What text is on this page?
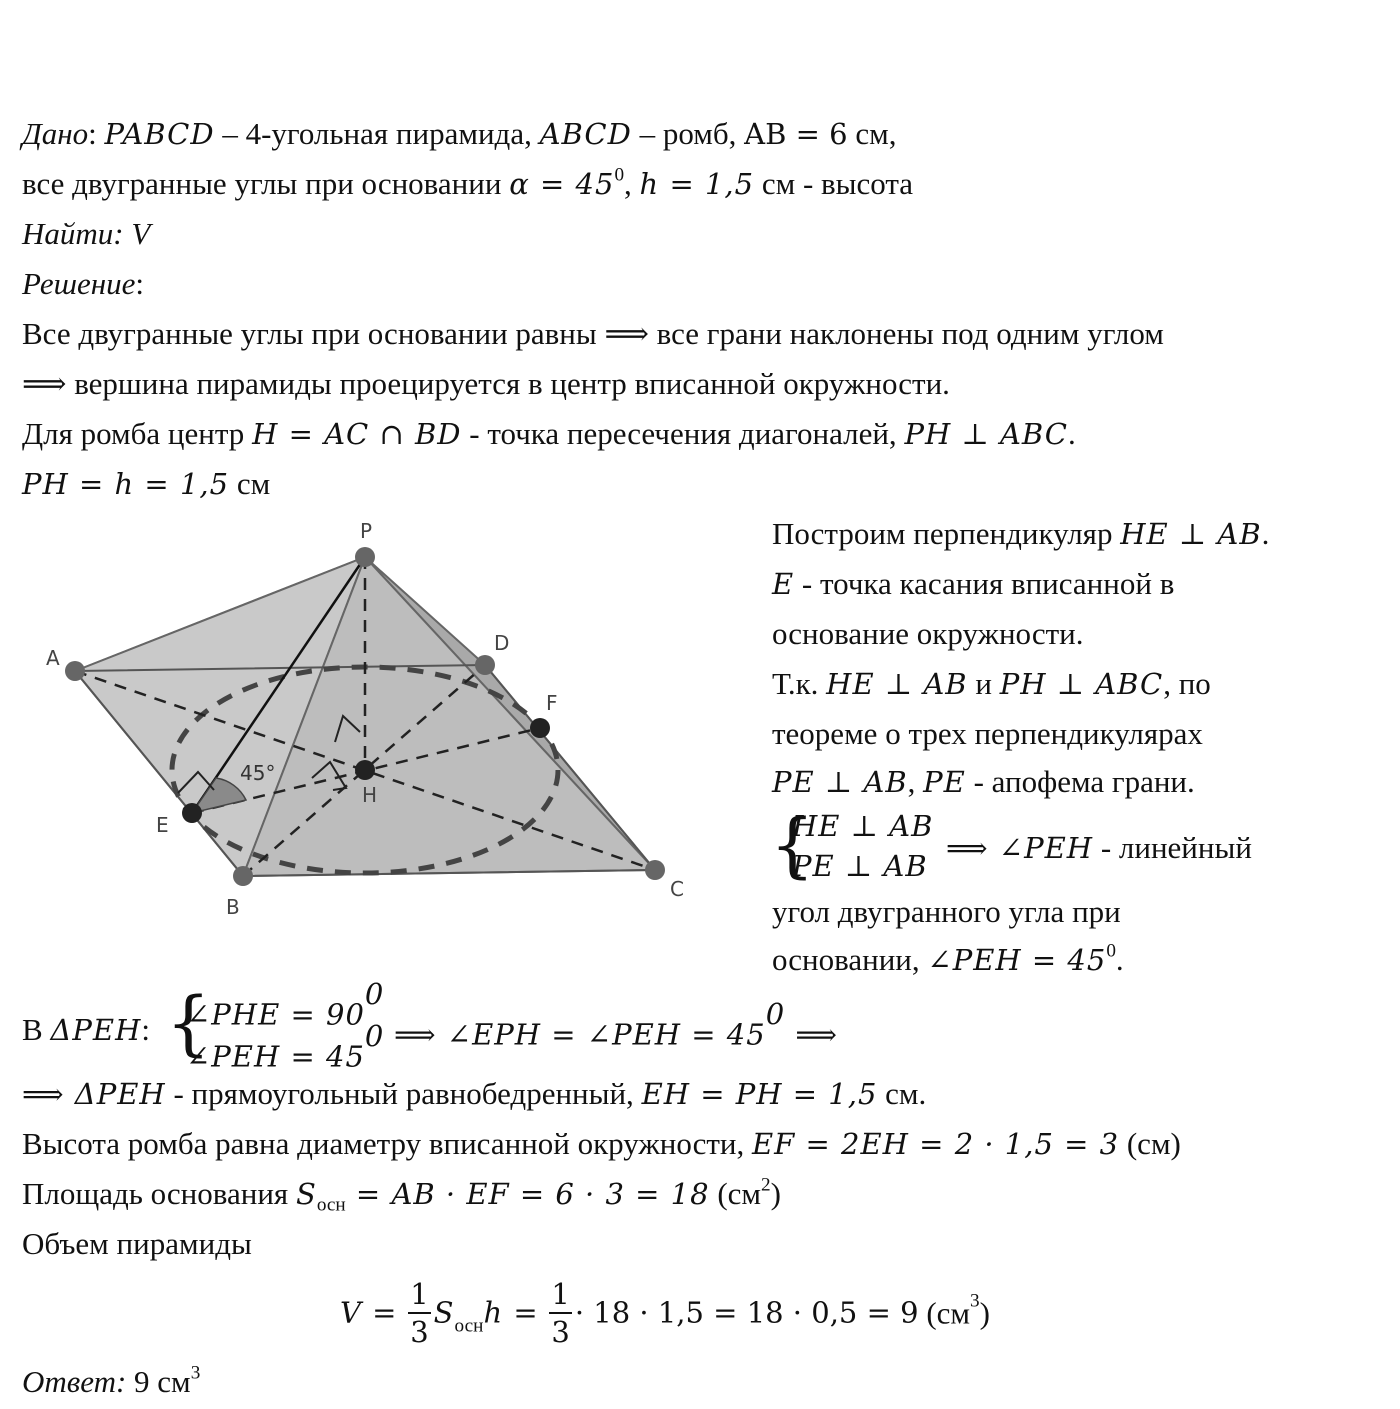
Дано: PABCD – 4-угольная пирамида, ABCD – ромб, AB = 6 см,
все двугранные углы при основании $\alpha = 45^0$, h = 1,5 см - высота
Найти: V
Решение:
Все двугранные углы при основании равны ⟹ все грани наклонены под одним углом
⟹ вершина пирамиды проецируется в центр вписанной окружности.
Для ромба центр H = AC ∩ BD - точка пересечения диагоналей, PH ⊥ ABC.
PH = h = 1,5 см
P
A
D
F
H
E
B
C
45°
Построим перпендикуляр HE ⊥ AB.
E - точка касания вписанной в
основание окружности.
Т.к. HE ⊥ AB и PH ⊥ ABC, по
теореме о трех перпендикулярах
PE ⊥ AB, PE - апофема грани.
{
HE ⊥ AB
PE ⊥ AB
⟹ ∠PEH - линейный
угол двугранного угла при
основании, ∠PEH = $45^0$.
В ΔPEH: {
∠PHE = $90^0$
∠PEH = $45^0$ ⟹ ∠EPH = ∠PEH = $45^0$ ⟹
⟹ ΔPEH - прямоугольный равнобедренный, EH = PH = 1,5 см.
Высота ромба равна диаметру вписанной окружности, EF = 2EH = 2 · 1,5 = 3 (см)
Площадь основания $S_{осн}$ = AB · EF = 6 · 3 = 18 $(см^2)$
Объем пирамиды
$V = \frac{1}{3} S_{осн}h = \frac{1}{3} \cdot 18 \cdot 1,5 = 18 \cdot 0,5 = 9$ $(см^3)$
Ответ: 9 $см^3$
